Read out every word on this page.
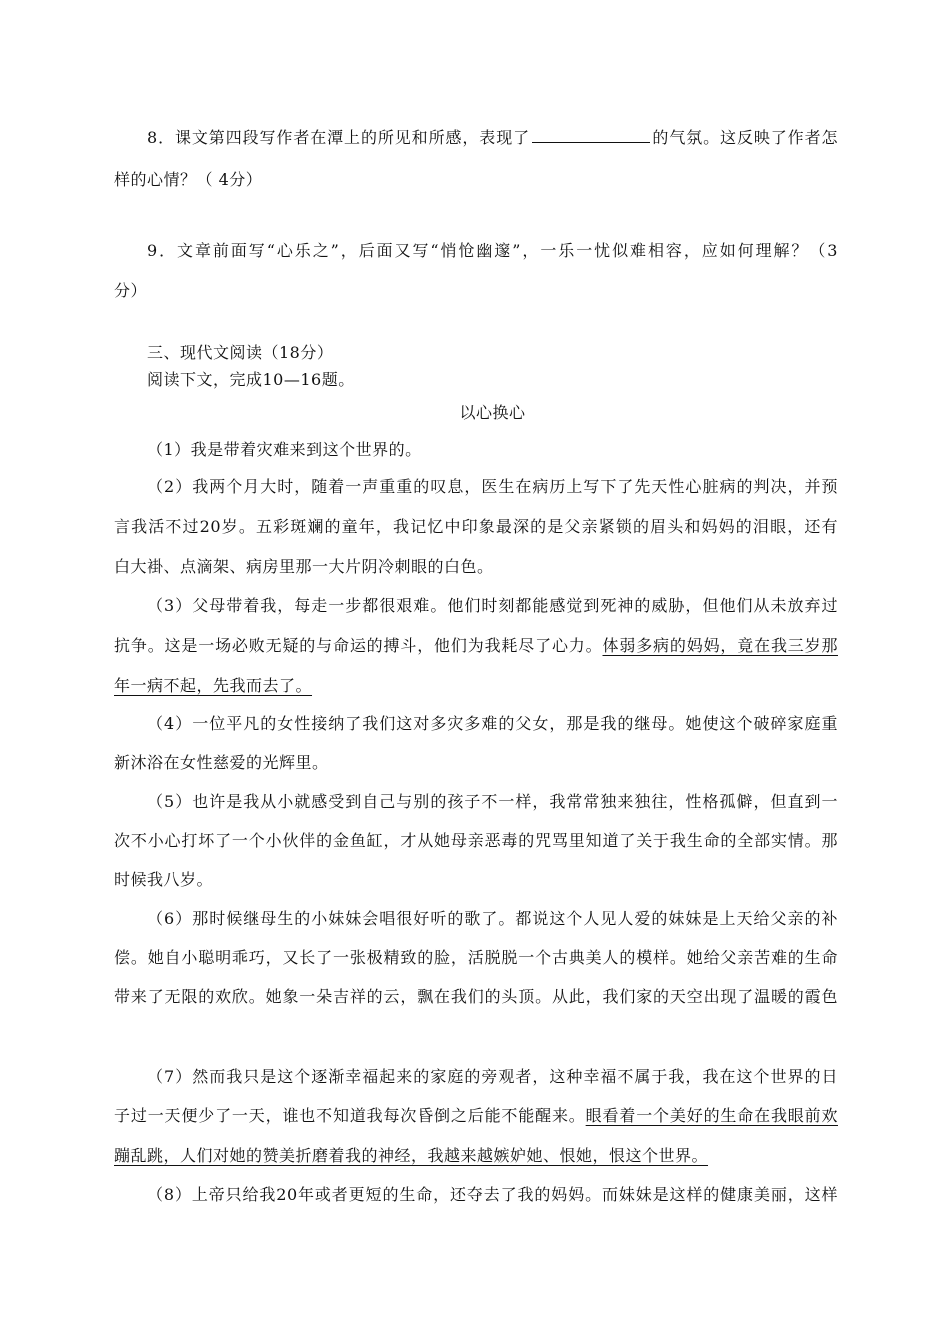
8．课文第四段写作者在潭上的所见和所感，表现了	的气氛。这反映了作者怎
样的心情？（ 4分）
9．文章前面写“心乐之”，后面又写“悄怆幽邃”，一乐一忧似难相容，应如何理解？（3
分）
三、现代文阅读（18分）
阅读下文，完成10—16题。
以心换心
（1）我是带着灾难来到这个世界的。
（2）我两个月大时，随着一声重重的叹息，医生在病历上写下了先天性心脏病的判决，并预
言我活不过20岁。五彩斑斓的童年，我记忆中印象最深的是父亲紧锁的眉头和妈妈的泪眼，还有
白大褂、点滴架、病房里那一大片阴冷刺眼的白色。
（3）父母带着我，每走一步都很艰难。他们时刻都能感觉到死神的威胁，但他们从未放弃过
抗争。这是一场必败无疑的与命运的搏斗，他们为我耗尽了心力。体弱多病的妈妈，竟在我三岁那
年一病不起，先我而去了。
（4）一位平凡的女性接纳了我们这对多灾多难的父女，那是我的继母。她使这个破碎家庭重
新沐浴在女性慈爱的光辉里。
（5）也许是我从小就感受到自己与别的孩子不一样，我常常独来独往，性格孤僻，但直到一
次不小心打坏了一个小伙伴的金鱼缸，才从她母亲恶毒的咒骂里知道了关于我生命的全部实情。那
时候我八岁。
（6）那时候继母生的小妹妹会唱很好听的歌了。都说这个人见人爱的妹妹是上天给父亲的补
偿。她自小聪明乖巧，又长了一张极精致的脸，活脱脱一个古典美人的模样。她给父亲苦难的生命
带来了无限的欢欣。她象一朵吉祥的云，飘在我们的头顶。从此，我们家的天空出现了温暖的霞色
（7）然而我只是这个逐渐幸福起来的家庭的旁观者，这种幸福不属于我，我在这个世界的日
子过一天便少了一天，谁也不知道我每次昏倒之后能不能醒来。眼看着一个美好的生命在我眼前欢
蹦乱跳，人们对她的赞美折磨着我的神经，我越来越嫉妒她、恨她，恨这个世界。
（8）上帝只给我20年或者更短的生命，还夺去了我的妈妈。而妹妹是这样的健康美丽，这样
